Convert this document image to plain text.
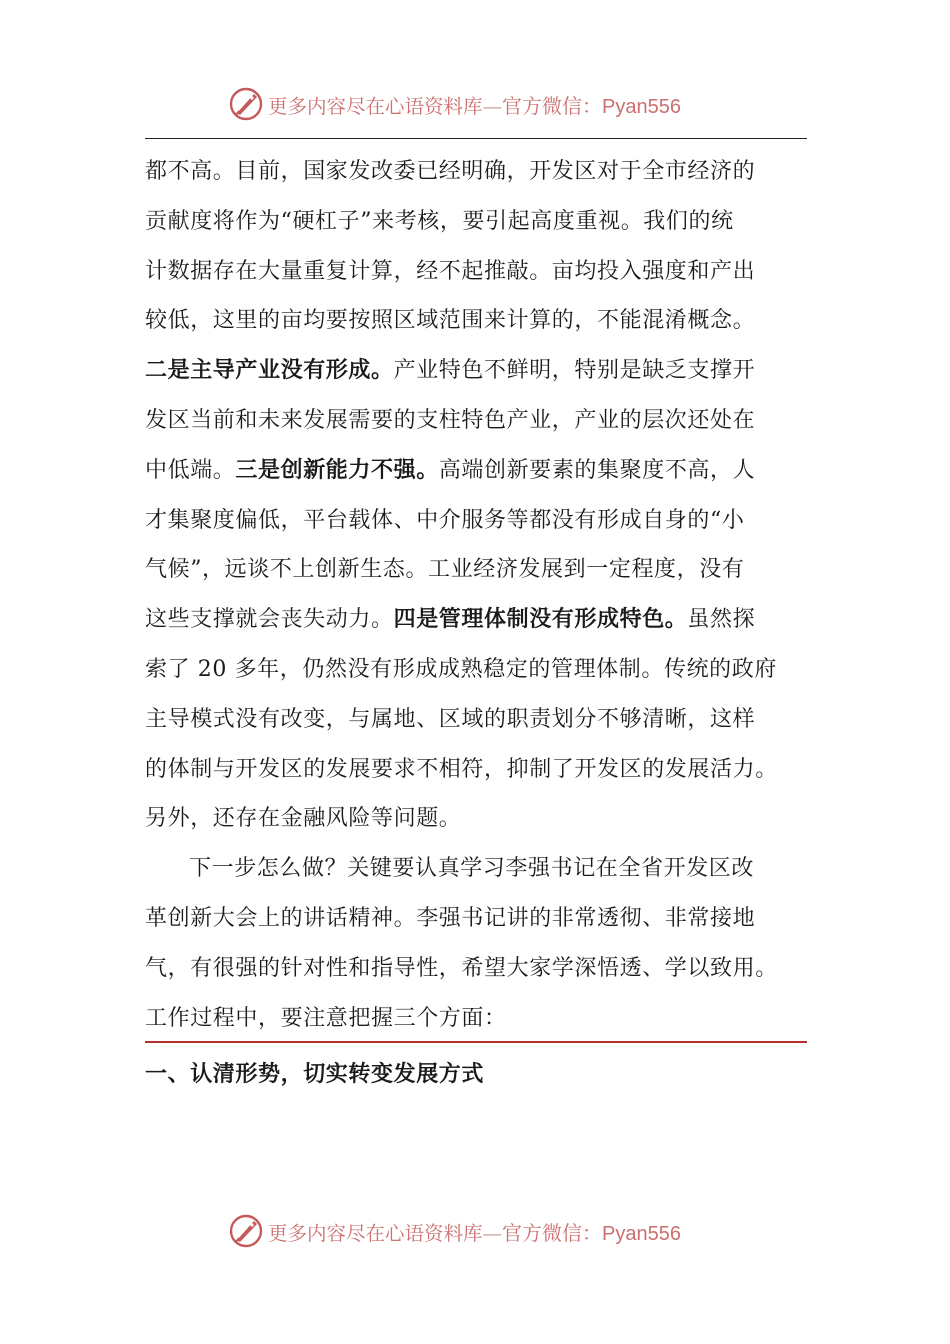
更多内容尽在心语资料库—官方微信：Pyan556
都不高。目前，国家发改委已经明确，开发区对于全市经济的
贡献度将作为“硬杠子”来考核，要引起高度重视。我们的统
计数据存在大量重复计算，经不起推敲。亩均投入强度和产出
较低，这里的亩均要按照区域范围来计算的，不能混淆概念。
二是主导产业没有形成。产业特色不鲜明，特别是缺乏支撑开
发区当前和未来发展需要的支柱特色产业，产业的层次还处在
中低端。三是创新能力不强。高端创新要素的集聚度不高，人
才集聚度偏低，平台载体、中介服务等都没有形成自身的“小
气候”，远谈不上创新生态。工业经济发展到一定程度，没有
这些支撑就会丧失动力。四是管理体制没有形成特色。虽然探
索了 20 多年，仍然没有形成成熟稳定的管理体制。传统的政府
主导模式没有改变，与属地、区域的职责划分不够清晰，这样
的体制与开发区的发展要求不相符，抑制了开发区的发展活力。
另外，还存在金融风险等问题。
下一步怎么做？关键要认真学习李强书记在全省开发区改
革创新大会上的讲话精神。李强书记讲的非常透彻、非常接地
气，有很强的针对性和指导性，希望大家学深悟透、学以致用。
工作过程中，要注意把握三个方面：
一、认清形势，切实转变发展方式
更多内容尽在心语资料库—官方微信：Pyan556
